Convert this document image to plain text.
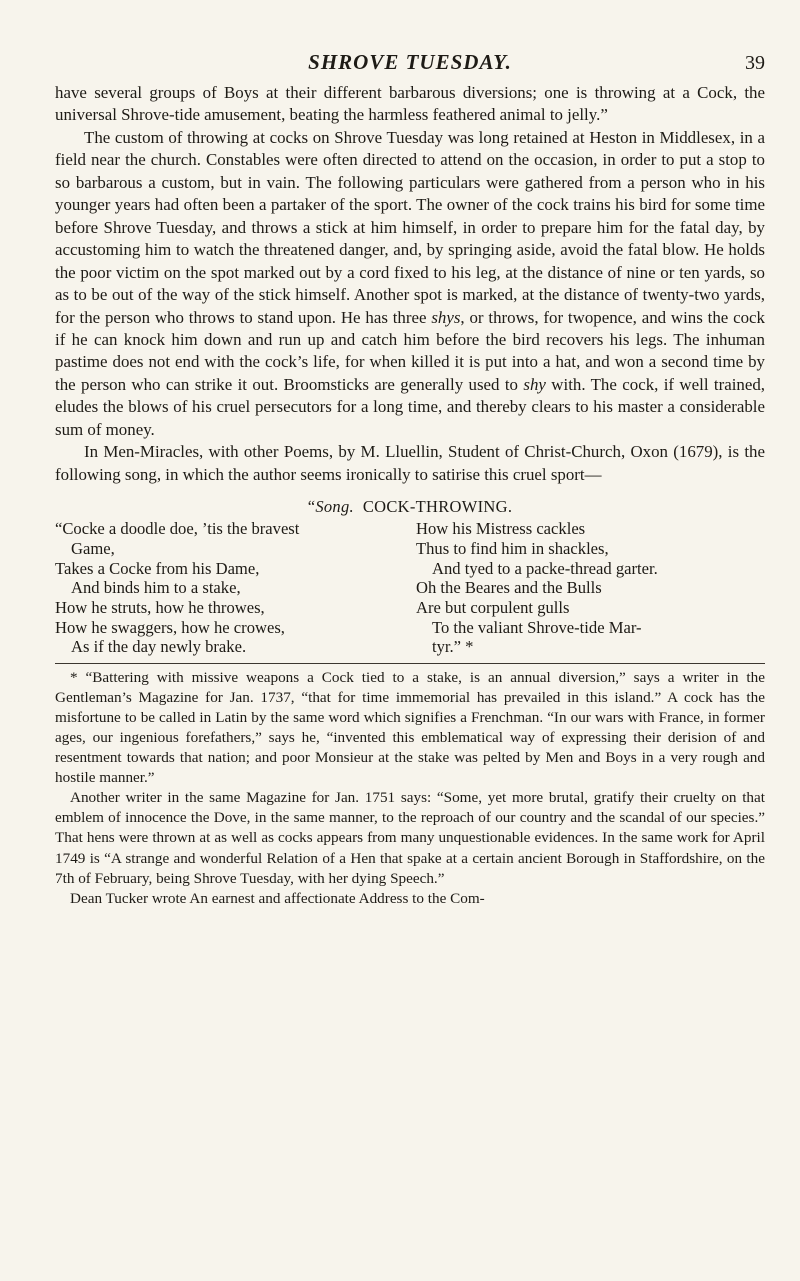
SHROVE TUESDAY.	39

have several groups of Boys at their different barbarous diversions; one is throwing at a Cock, the universal Shrove-tide amusement, beating the harmless feathered animal to jelly.”

The custom of throwing at cocks on Shrove Tuesday was long retained at Heston in Middlesex, in a field near the church. Constables were often directed to attend on the occasion, in order to put a stop to so barbarous a custom, but in vain. The following particulars were gathered from a person who in his younger years had often been a partaker of the sport. The owner of the cock trains his bird for some time before Shrove Tuesday, and throws a stick at him himself, in order to prepare him for the fatal day, by accustoming him to watch the threatened danger, and, by springing aside, avoid the fatal blow. He holds the poor victim on the spot marked out by a cord fixed to his leg, at the distance of nine or ten yards, so as to be out of the way of the stick himself. Another spot is marked, at the distance of twenty-two yards, for the person who throws to stand upon. He has three shys, or throws, for twopence, and wins the cock if he can knock him down and run up and catch him before the bird recovers his legs. The inhuman pastime does not end with the cock’s life, for when killed it is put into a hat, and won a second time by the person who can strike it out. Broomsticks are generally used to shy with. The cock, if well trained, eludes the blows of his cruel persecutors for a long time, and thereby clears to his master a considerable sum of money.

In Men-Miracles, with other Poems, by M. Lluellin, Student of Christ-Church, Oxon (1679), is the following song, in which the author seems ironically to satirise this cruel sport—

“Song. COCK-THROWING.
“Cocke a doodle doe, ’tis the bravest
Game,
Takes a Cocke from his Dame,
And binds him to a stake,
How he struts, how he throwes,
How he swaggers, how he crowes,
As if the day newly brake.
How his Mistress cackles
Thus to find him in shackles,
And tyed to a packe-thread garter.
Oh the Beares and the Bulls
Are but corpulent gulls
To the valiant Shrove-tide Mar-
tyr.” *

* “Battering with missive weapons a Cock tied to a stake, is an annual diversion,” says a writer in the Gentleman’s Magazine for Jan. 1737, “that for time immemorial has prevailed in this island.” A cock has the misfortune to be called in Latin by the same word which signifies a Frenchman. “In our wars with France, in former ages, our ingenious forefathers,” says he, “invented this emblematical way of expressing their derision of and resentment towards that nation; and poor Monsieur at the stake was pelted by Men and Boys in a very rough and hostile manner.”

Another writer in the same Magazine for Jan. 1751 says: “Some, yet more brutal, gratify their cruelty on that emblem of innocence the Dove, in the same manner, to the reproach of our country and the scandal of our species.” That hens were thrown at as well as cocks appears from many unquestionable evidences. In the same work for April 1749 is “A strange and wonderful Relation of a Hen that spake at a certain ancient Borough in Staffordshire, on the 7th of February, being Shrove Tuesday, with her dying Speech.”

Dean Tucker wrote An earnest and affectionate Address to the Com-
